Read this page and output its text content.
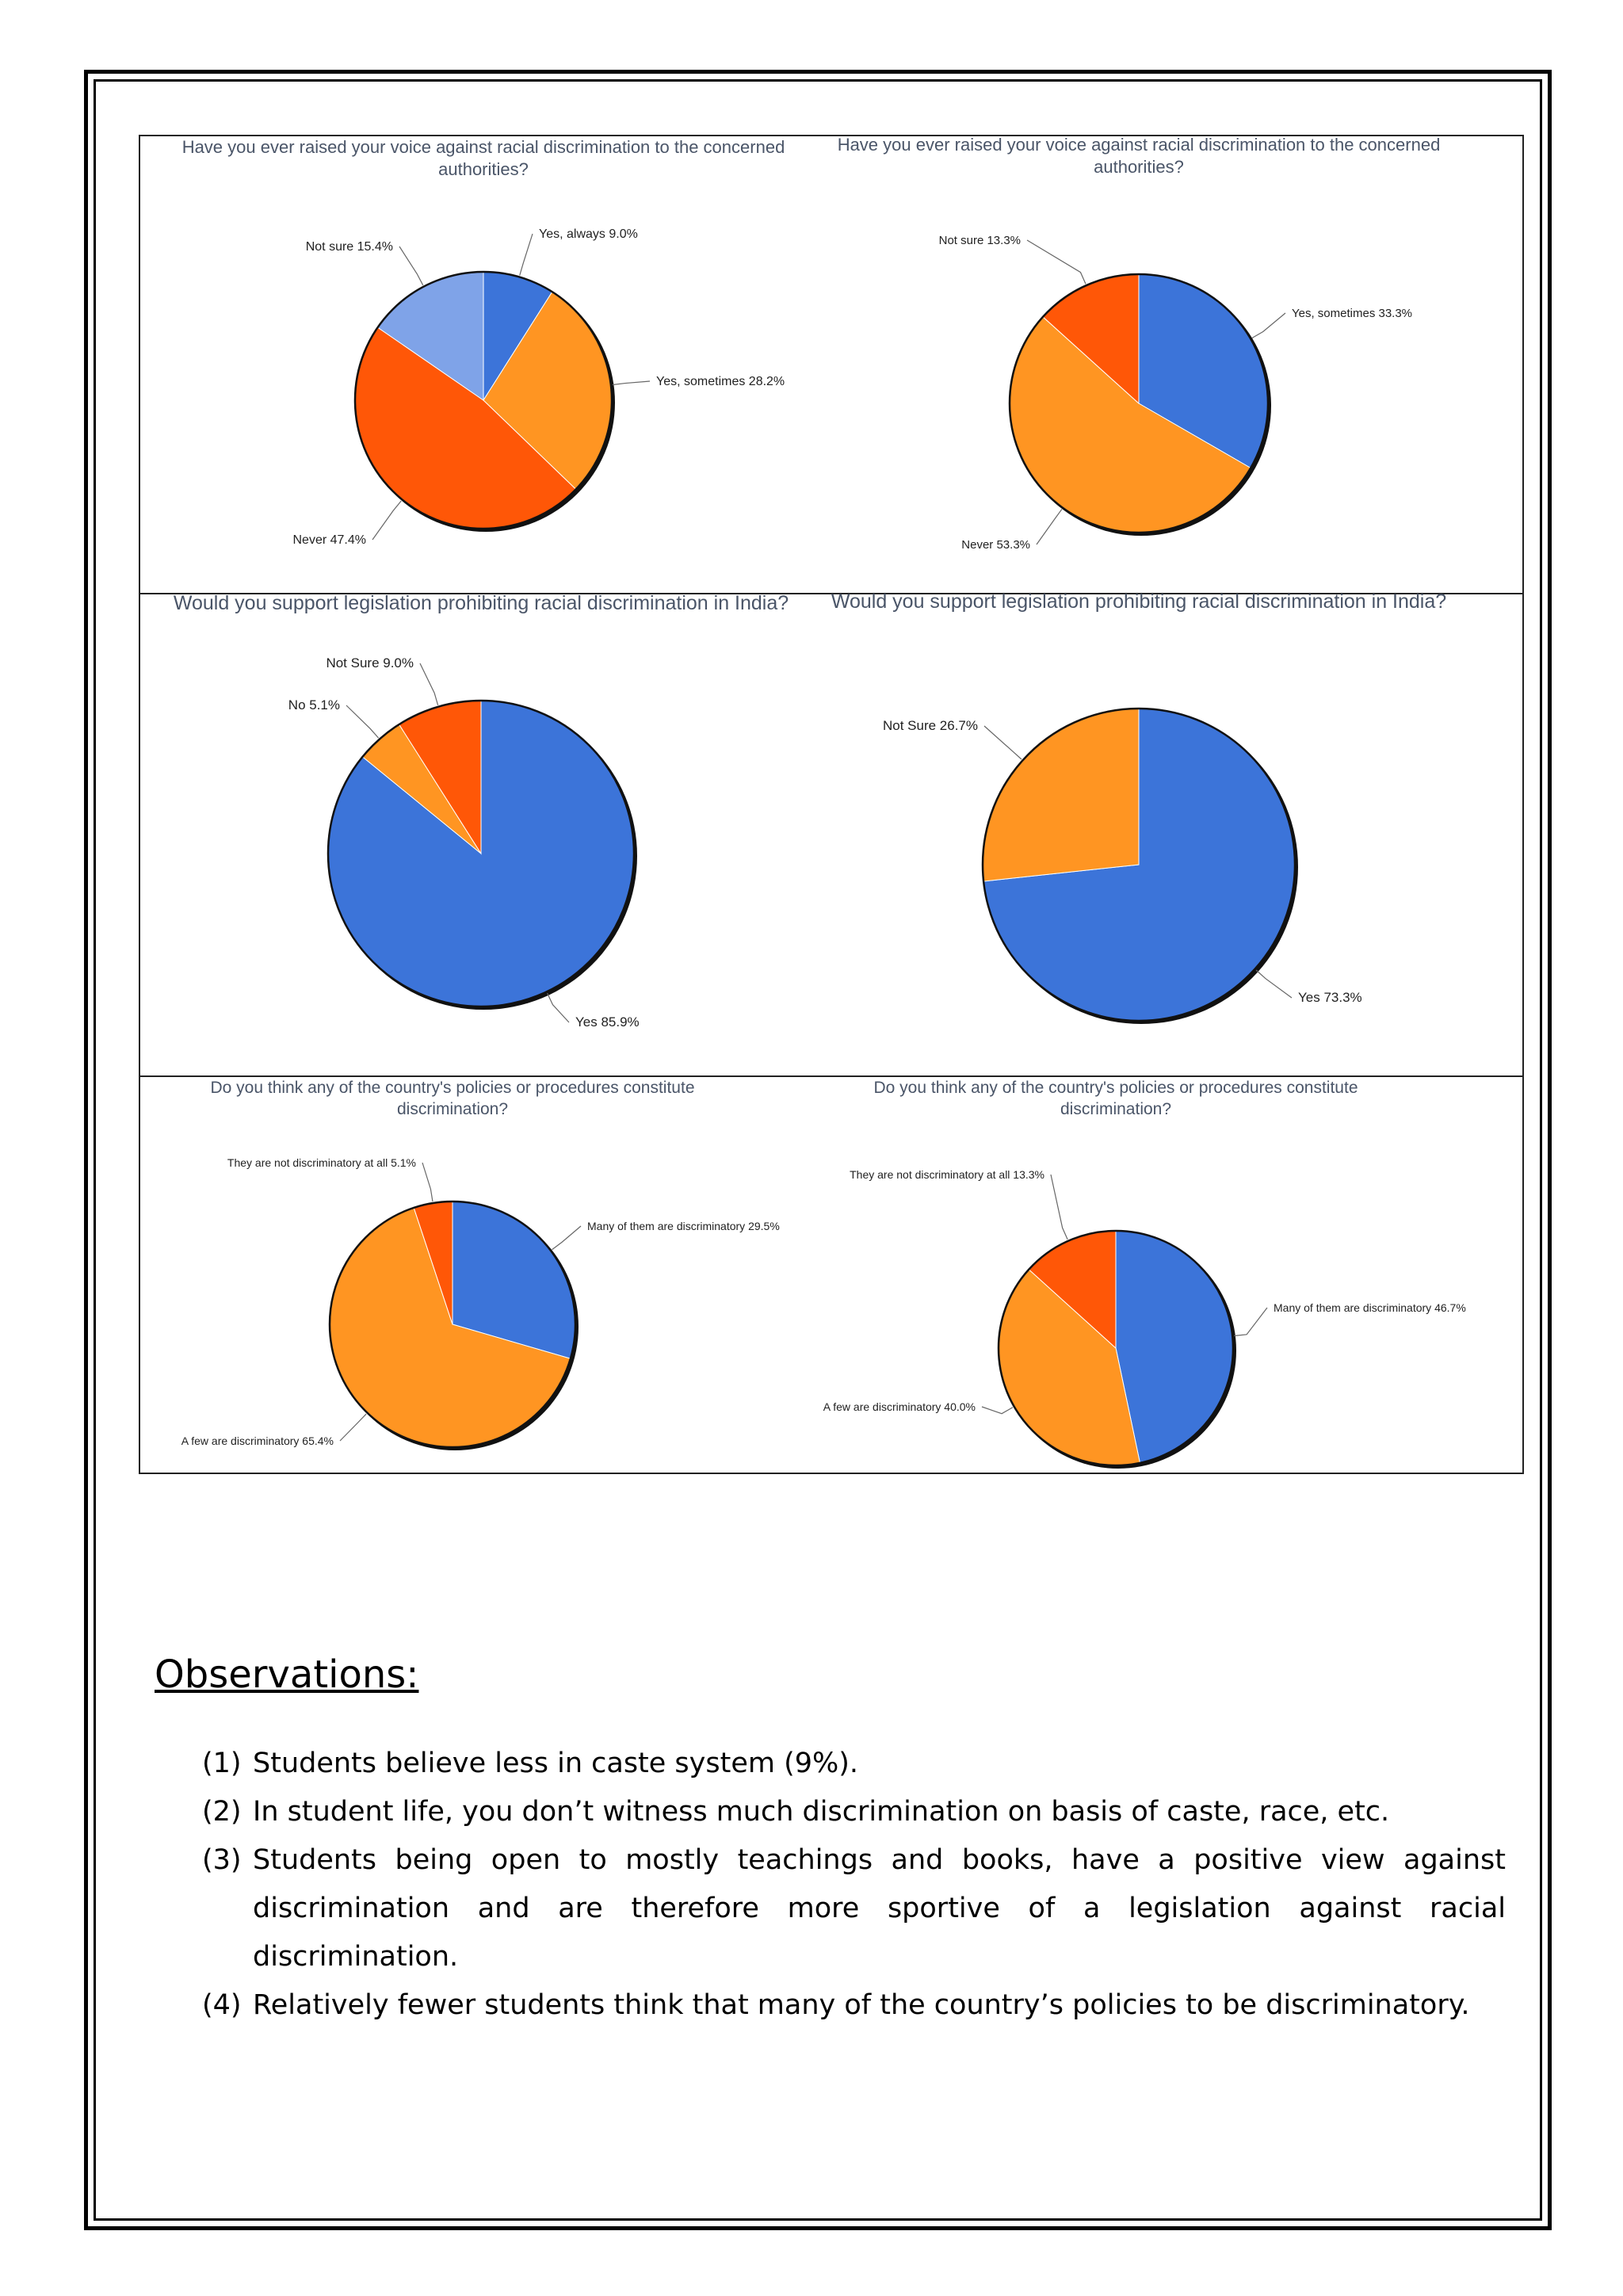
Have you ever raised your voice against racial discrimination to the concerned authorities?
Yes, always 9.0%
Yes, sometimes 28.2%
Never 47.4%
Not sure 15.4%
Have you ever raised your voice against racial discrimination to the concerned authorities?
Yes, sometimes 33.3%
Never 53.3%
Not sure 13.3%
Would you support legislation prohibiting racial discrimination in India?
Yes 85.9%
No 5.1%
Not Sure 9.0%
Would you support legislation prohibiting racial discrimination in India?
Yes 73.3%
Not Sure 26.7%
Do you think any of the country's policies or procedures constitute discrimination?
Many of them are discriminatory 29.5%
A few are discriminatory 65.4%
They are not discriminatory at all 5.1%
Do you think any of the country's policies or procedures constitute discrimination?
Many of them are discriminatory 46.7%
A few are discriminatory 40.0%
They are not discriminatory at all 13.3%
Observations:
(1) Students believe less in caste system (9%).
(2) In student life, you don’t witness much discrimination on basis of caste, race, etc.
(3) Students being open to mostly teachings and books, have a positive view against discrimination and are therefore more sportive of a legislation against racial discrimination.
(4) Relatively fewer students think that many of the country’s policies to be discriminatory.
